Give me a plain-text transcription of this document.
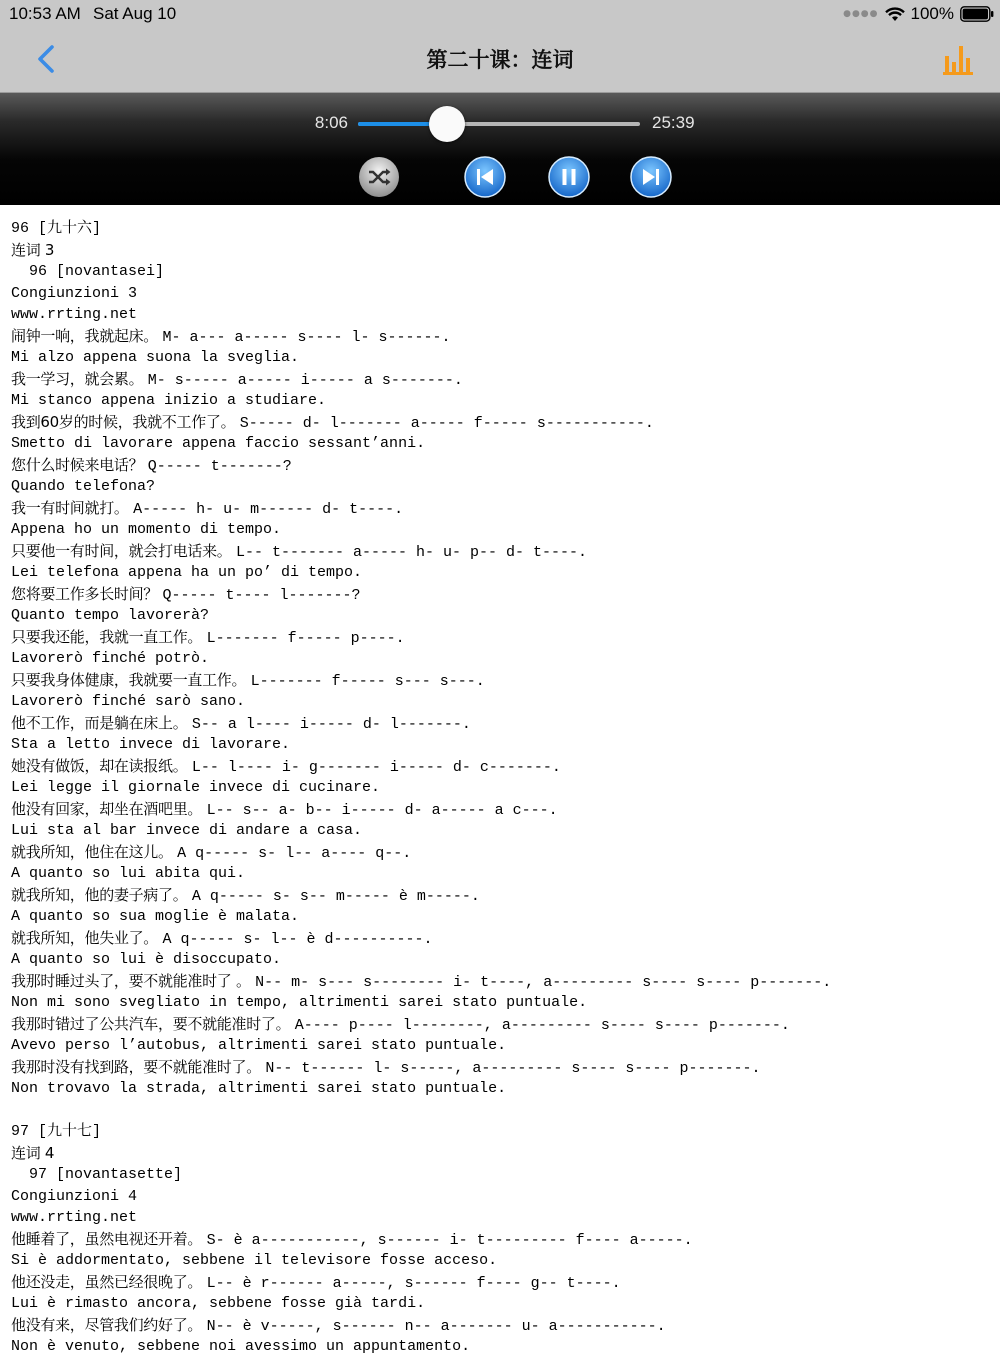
10:53 AM Sat Aug 10	●●●● 100%
第二十课：连词
8:06	25:39
96 [九十六]
连词 3
96 [novantasei]
Congiunzioni 3
www.rrting.net
闹钟一响，我就起床。 M- a--- a----- s---- l- s------.
Mi alzo appena suona la sveglia.
我一学习，就会累。 M- s----- a----- i----- a s-------.
Mi stanco appena inizio a studiare.
我到60岁的时候，我就不工作了。 S----- d- l------- a----- f----- s-----------.
Smetto di lavorare appena faccio sessant’anni.
您什么时候来电话？ Q----- t-------?
Quando telefona?
我一有时间就打。 A----- h- u- m------ d- t----.
Appena ho un momento di tempo.
只要他一有时间，就会打电话来。 L-- t------- a----- h- u- p-- d- t----.
Lei telefona appena ha un po’ di tempo.
您将要工作多长时间？ Q----- t---- l-------?
Quanto tempo lavorerà?
只要我还能，我就一直工作。 L------- f----- p----.
Lavorerò finché potrò.
只要我身体健康，我就要一直工作。 L------- f----- s--- s---.
Lavorerò finché sarò sano.
他不工作，而是躺在床上。 S-- a l---- i----- d- l-------.
Sta a letto invece di lavorare.
她没有做饭，却在读报纸。 L-- l---- i- g------- i----- d- c-------.
Lei legge il giornale invece di cucinare.
他没有回家，却坐在酒吧里。 L-- s-- a- b-- i----- d- a----- a c---.
Lui sta al bar invece di andare a casa.
就我所知，他住在这儿。 A q----- s- l-- a---- q--.
A quanto so lui abita qui.
就我所知，他的妻子病了。 A q----- s- s-- m----- è m-----.
A quanto so sua moglie è malata.
就我所知，他失业了。 A q----- s- l-- è d----------.
A quanto so lui è disoccupato.
我那时睡过头了，要不就能准时了 。 N-- m- s--- s-------- i- t----, a--------- s---- s---- p-------.
Non mi sono svegliato in tempo, altrimenti sarei stato puntuale.
我那时错过了公共汽车，要不就能准时了。 A---- p---- l--------, a--------- s---- s---- p-------.
Avevo perso l’autobus, altrimenti sarei stato puntuale.
我那时没有找到路，要不就能准时了。 N-- t------ l- s-----, a--------- s---- s---- p-------.
Non trovavo la strada, altrimenti sarei stato puntuale.
97 [九十七]
连词 4
97 [novantasette]
Congiunzioni 4
www.rrting.net
他睡着了，虽然电视还开着。 S- è a-----------, s------ i- t--------- f---- a-----.
Si è addormentato, sebbene il televisore fosse acceso.
他还没走，虽然已经很晚了。 L-- è r------ a-----, s------ f---- g-- t----.
Lui è rimasto ancora, sebbene fosse già tardi.
他没有来，尽管我们约好了。 N-- è v-----, s------ n-- a------- u- a-----------.
Non è venuto, sebbene noi avessimo un appuntamento.
